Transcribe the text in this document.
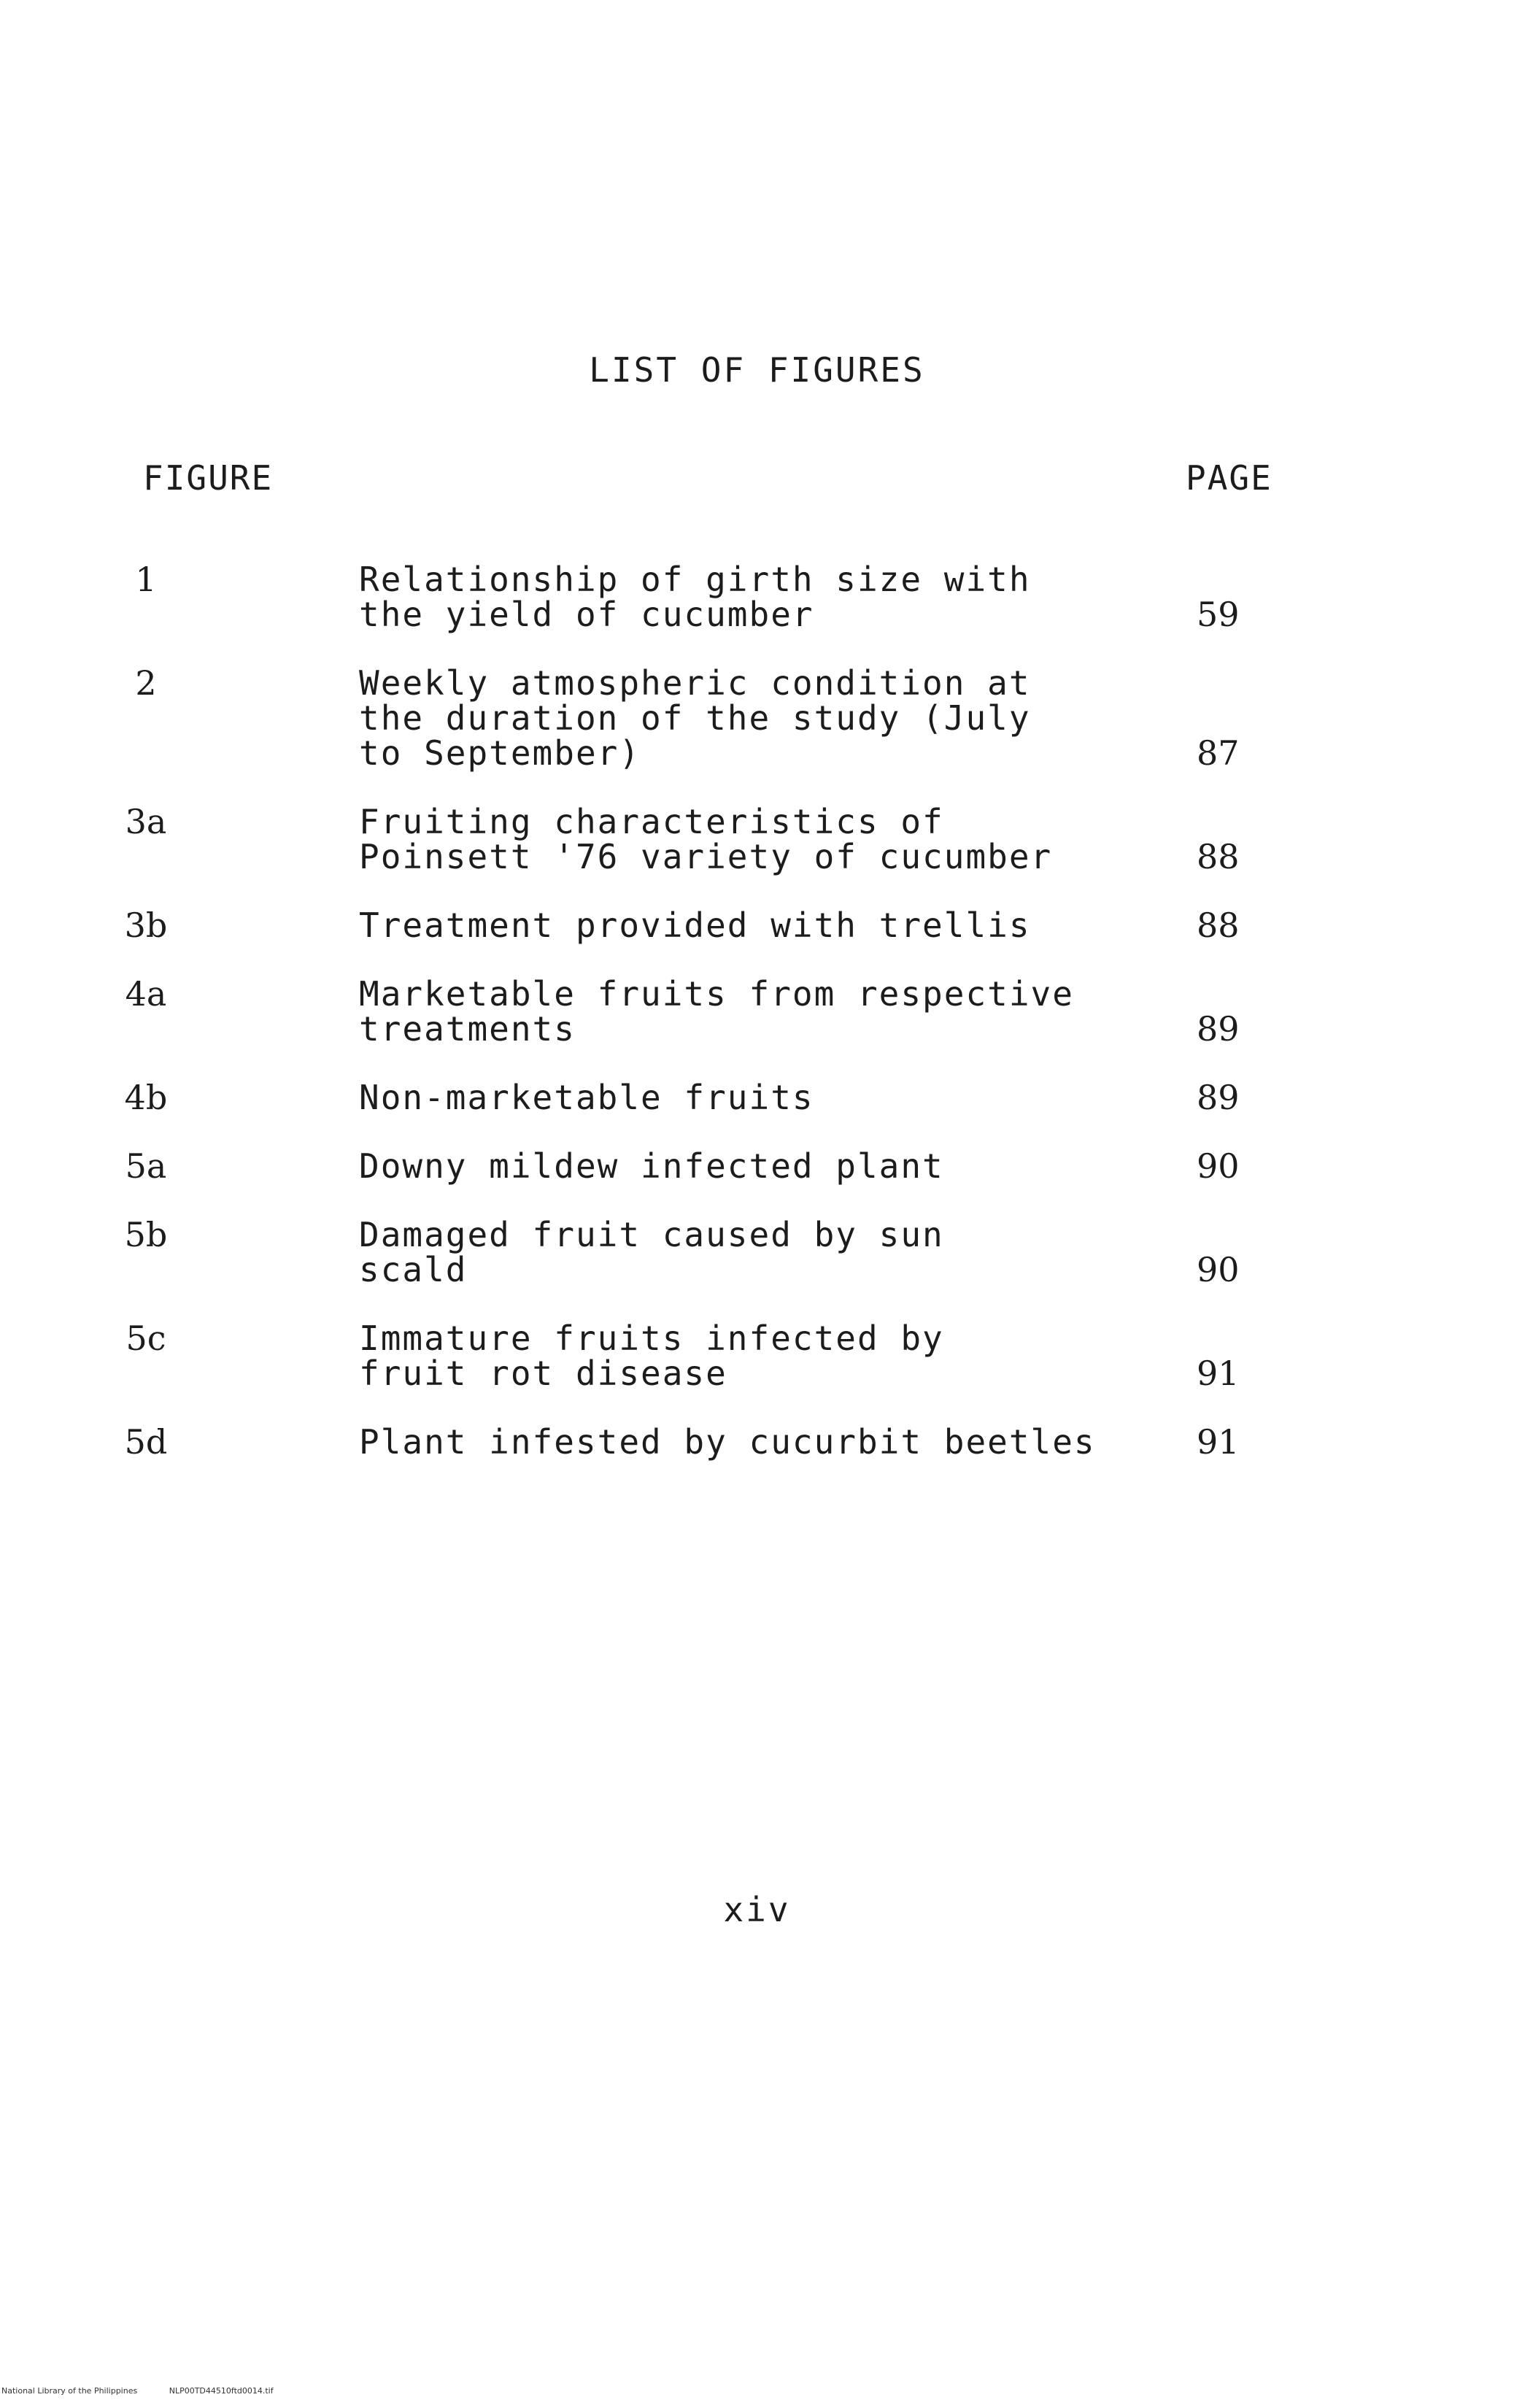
LIST OF FIGURES
FIGURE	PAGE
1	Relationship of girth size with
the yield of cucumber	59
2	Weekly atmospheric condition at
the duration of the study (July
to September)	87
3a	Fruiting characteristics of
Poinsett '76 variety of cucumber	88
3b	Treatment provided with trellis	88
4a	Marketable fruits from respective
treatments	89
4b	Non-marketable fruits	89
5a	Downy mildew infected plant	90
5b	Damaged fruit caused by sun
scald	90
5c	Immature fruits infected by
fruit rot disease	91
5d	Plant infested by cucurbit beetles	91
xiv
National Library of the Philippines	NLP00TD44510ftd0014.tif
